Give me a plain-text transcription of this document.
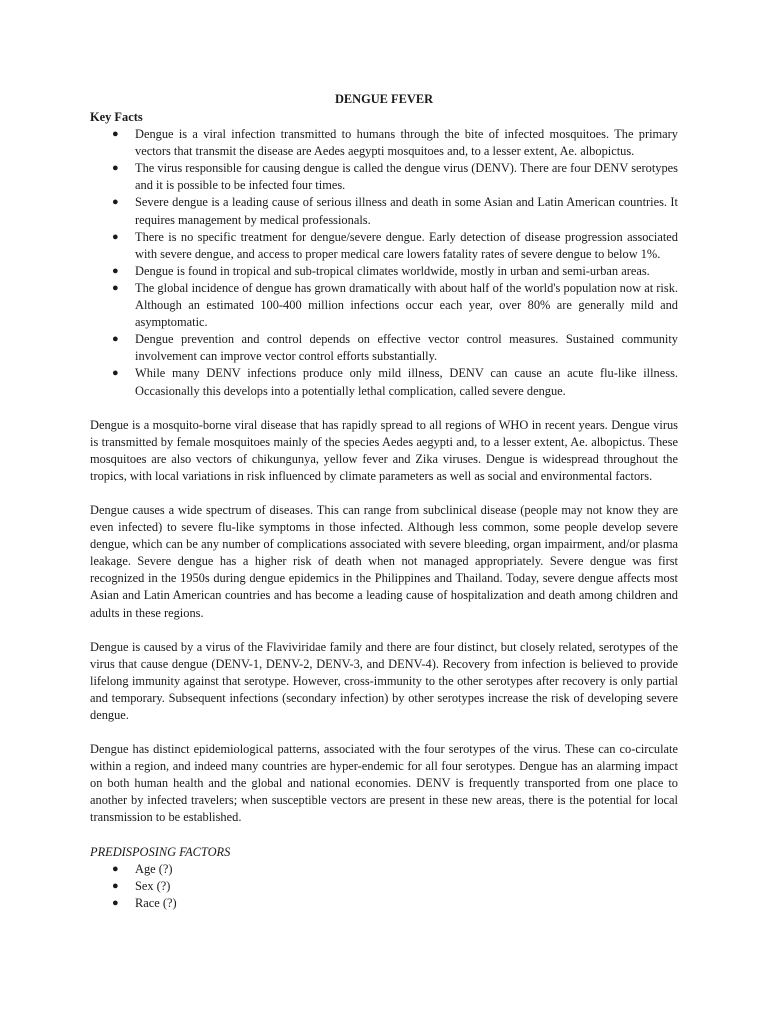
DENGUE FEVER

Key Facts

● Dengue is a viral infection transmitted to humans through the bite of infected mosquitoes. The primary vectors that transmit the disease are Aedes aegypti mosquitoes and, to a lesser extent, Ae. albopictus.
● The virus responsible for causing dengue is called the dengue virus (DENV). There are four DENV serotypes and it is possible to be infected four times.
● Severe dengue is a leading cause of serious illness and death in some Asian and Latin American countries. It requires management by medical professionals.
● There is no specific treatment for dengue/severe dengue. Early detection of disease progression associated with severe dengue, and access to proper medical care lowers fatality rates of severe dengue to below 1%.
● Dengue is found in tropical and sub-tropical climates worldwide, mostly in urban and semi-urban areas.
● The global incidence of dengue has grown dramatically with about half of the world's population now at risk. Although an estimated 100-400 million infections occur each year, over 80% are generally mild and asymptomatic.
● Dengue prevention and control depends on effective vector control measures. Sustained community involvement can improve vector control efforts substantially.
● While many DENV infections produce only mild illness, DENV can cause an acute flu-like illness. Occasionally this develops into a potentially lethal complication, called severe dengue.

Dengue is a mosquito-borne viral disease that has rapidly spread to all regions of WHO in recent years. Dengue virus is transmitted by female mosquitoes mainly of the species Aedes aegypti and, to a lesser extent, Ae. albopictus. These mosquitoes are also vectors of chikungunya, yellow fever and Zika viruses. Dengue is widespread throughout the tropics, with local variations in risk influenced by climate parameters as well as social and environmental factors.

Dengue causes a wide spectrum of diseases. This can range from subclinical disease (people may not know they are even infected) to severe flu-like symptoms in those infected. Although less common, some people develop severe dengue, which can be any number of complications associated with severe bleeding, organ impairment, and/or plasma leakage. Severe dengue has a higher risk of death when not managed appropriately. Severe dengue was first recognized in the 1950s during dengue epidemics in the Philippines and Thailand. Today, severe dengue affects most Asian and Latin American countries and has become a leading cause of hospitalization and death among children and adults in these regions.

Dengue is caused by a virus of the Flaviviridae family and there are four distinct, but closely related, serotypes of the virus that cause dengue (DENV-1, DENV-2, DENV-3, and DENV-4). Recovery from infection is believed to provide lifelong immunity against that serotype. However, cross-immunity to the other serotypes after recovery is only partial and temporary. Subsequent infections (secondary infection) by other serotypes increase the risk of developing severe dengue.

Dengue has distinct epidemiological patterns, associated with the four serotypes of the virus. These can co-circulate within a region, and indeed many countries are hyper-endemic for all four serotypes. Dengue has an alarming impact on both human health and the global and national economies. DENV is frequently transported from one place to another by infected travelers; when susceptible vectors are present in these new areas, there is the potential for local transmission to be established.

PREDISPOSING FACTORS

● Age (?)
● Sex (?)
● Race (?)
